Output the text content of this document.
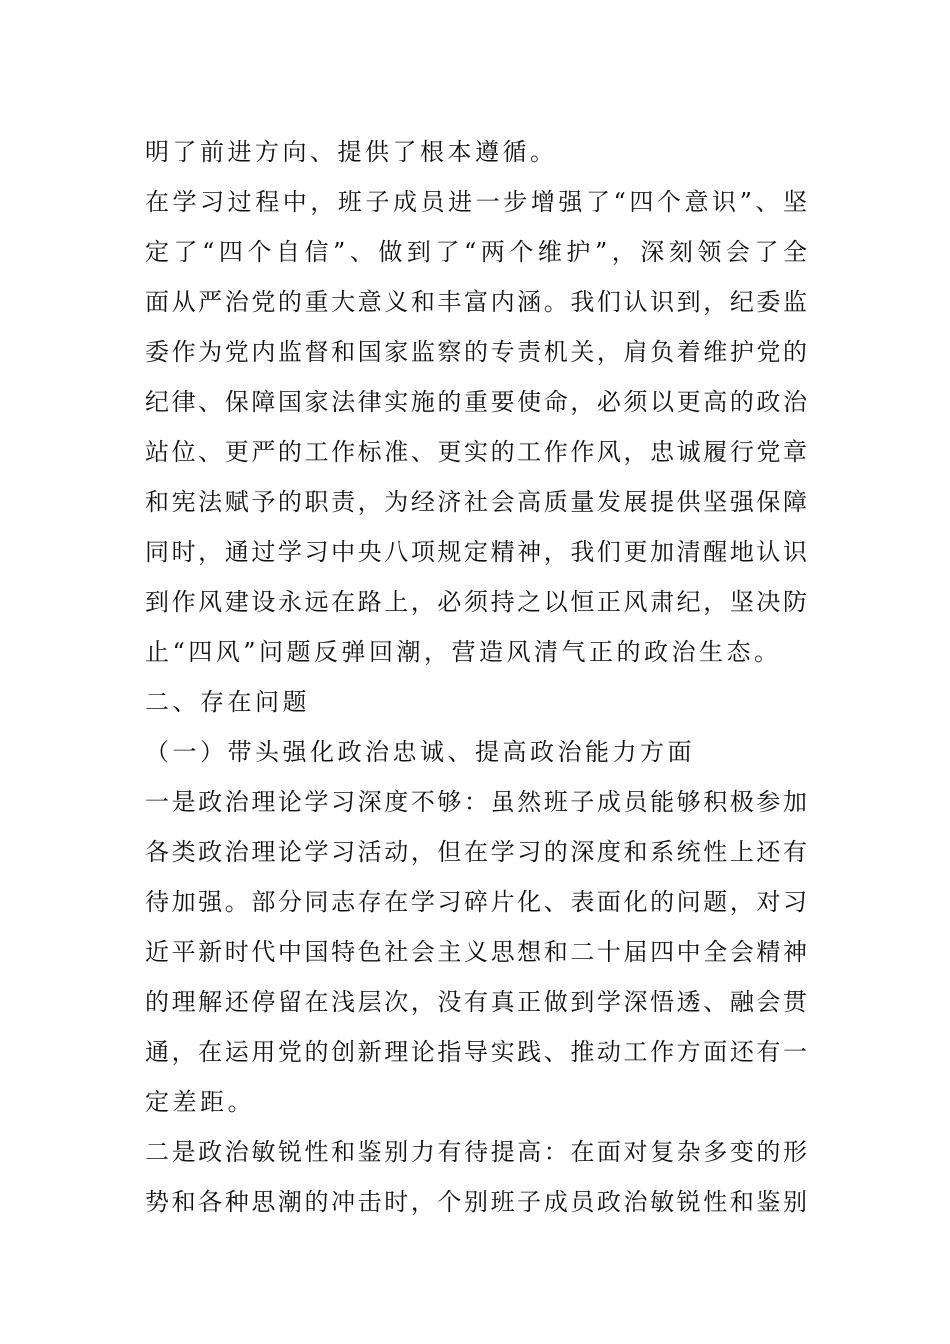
明了前进方向、提供了根本遵循。
在学习过程中，班子成员进一步增强了“四个意识”、坚
定了“四个自信”、做到了“两个维护”，深刻领会了全
面从严治党的重大意义和丰富内涵。我们认识到，纪委监
委作为党内监督和国家监察的专责机关，肩负着维护党的
纪律、保障国家法律实施的重要使命，必须以更高的政治
站位、更严的工作标准、更实的工作作风，忠诚履行党章
和宪法赋予的职责，为经济社会高质量发展提供坚强保障
同时，通过学习中央八项规定精神，我们更加清醒地认识
到作风建设永远在路上，必须持之以恒正风肃纪，坚决防
止“四风”问题反弹回潮，营造风清气正的政治生态。
二、存在问题
（一）带头强化政治忠诚、提高政治能力方面
一是政治理论学习深度不够：虽然班子成员能够积极参加
各类政治理论学习活动，但在学习的深度和系统性上还有
待加强。部分同志存在学习碎片化、表面化的问题，对习
近平新时代中国特色社会主义思想和二十届四中全会精神
的理解还停留在浅层次，没有真正做到学深悟透、融会贯
通，在运用党的创新理论指导实践、推动工作方面还有一
定差距。
二是政治敏锐性和鉴别力有待提高：在面对复杂多变的形
势和各种思潮的冲击时，个别班子成员政治敏锐性和鉴别
